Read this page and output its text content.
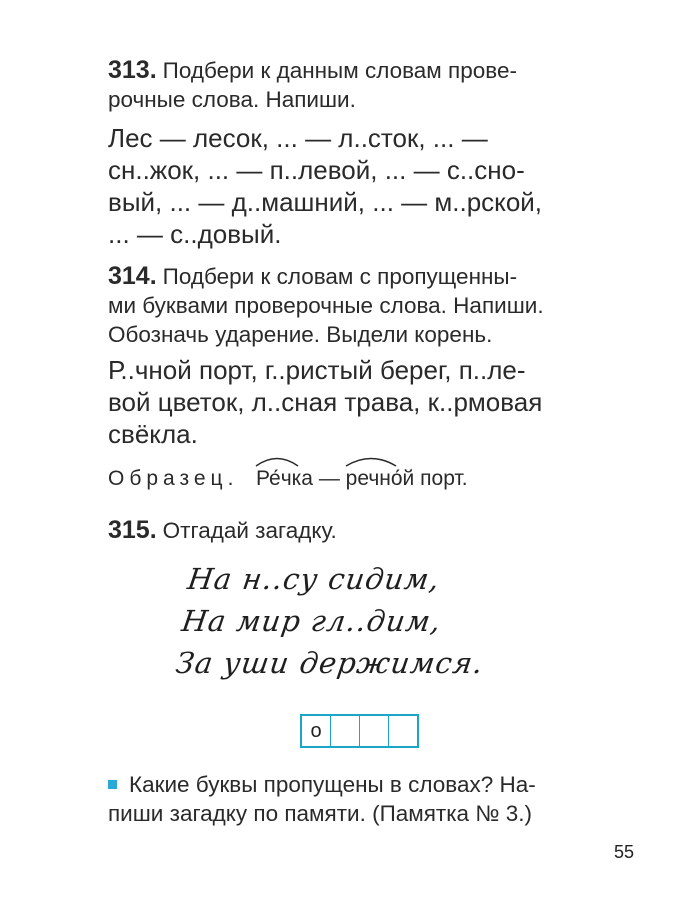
313. Подбери к данным словам прове-
рочные слова. Напиши.
Лес — лесок, ... — л..сток, ... —
сн..жок, ... — п..левой, ... — с..сно-
вый, ... — д..машний, ... — м..рской,
... — с..довый.
314. Подбери к словам с пропущенны-
ми буквами проверочные слова. Напиши.
Обозначь ударение. Выдели корень.
Р..чной порт, г..ристый берег, п..ле-
вой цветок, л..сная трава, к..рмовая
свёкла.
Образец. Ре́чка — речно́й порт.
315. Отгадай загадку.
На н..су сидим,
На мир гл..дим,
За уши держимся.
о
Какие буквы пропущены в словах? На-
пиши загадку по памяти. (Памятка № 3.)
55
